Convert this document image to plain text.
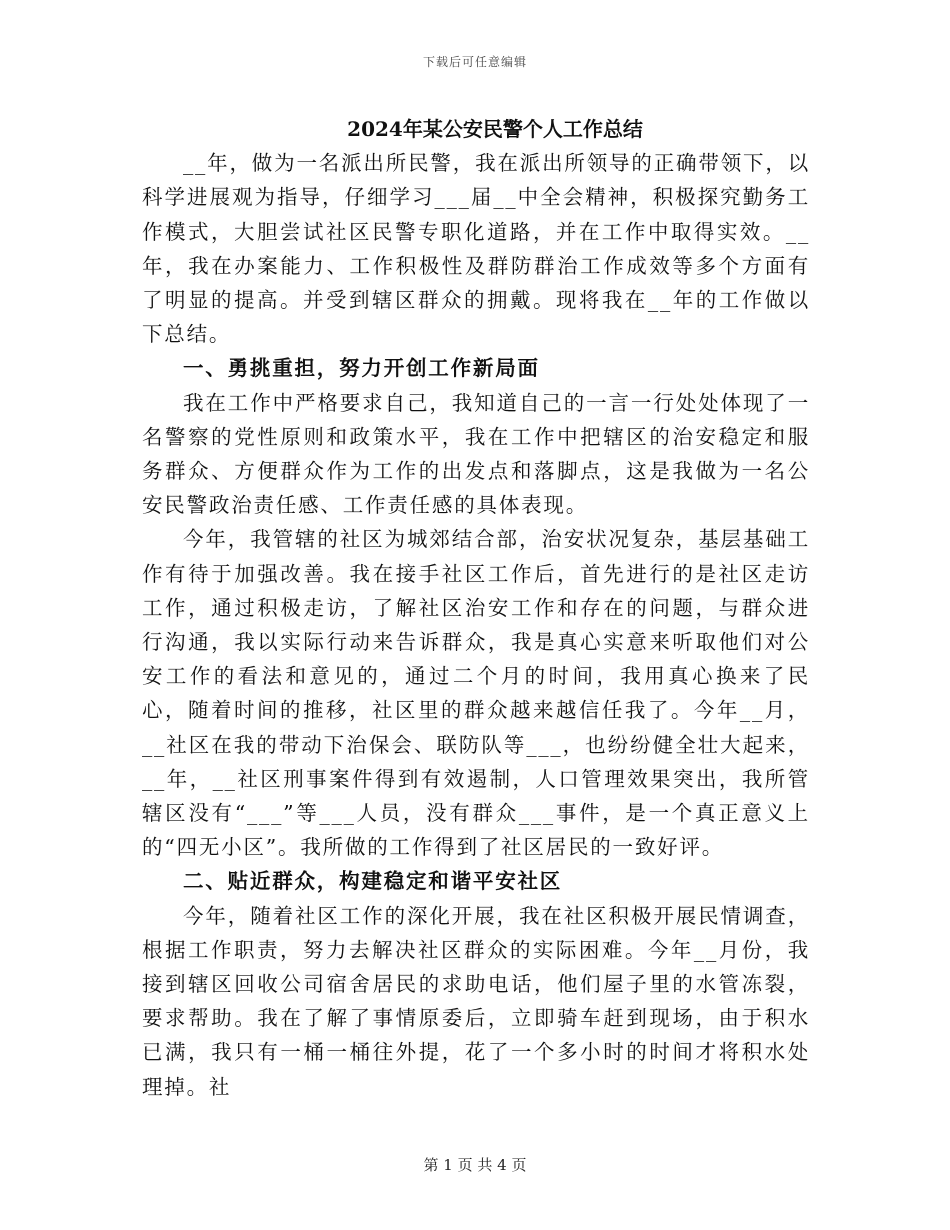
下载后可任意编辑
2024年某公安民警个人工作总结

__年，做为一名派出所民警，我在派出所领导的正确带领下，以科学进展观为指导，仔细学习___届__中全会精神，积极探究勤务工作模式，大胆尝试社区民警专职化道路，并在工作中取得实效。__年，我在办案能力、工作积极性及群防群治工作成效等多个方面有了明显的提高。并受到辖区群众的拥戴。现将我在__年的工作做以下总结。

一、勇挑重担，努力开创工作新局面

我在工作中严格要求自己，我知道自己的一言一行处处体现了一名警察的党性原则和政策水平，我在工作中把辖区的治安稳定和服务群众、方便群众作为工作的出发点和落脚点，这是我做为一名公安民警政治责任感、工作责任感的具体表现。

今年，我管辖的社区为城郊结合部，治安状况复杂，基层基础工作有待于加强改善。我在接手社区工作后，首先进行的是社区走访工作，通过积极走访，了解社区治安工作和存在的问题，与群众进行沟通，我以实际行动来告诉群众，我是真心实意来听取他们对公安工作的看法和意见的，通过二个月的时间，我用真心换来了民心，随着时间的推移，社区里的群众越来越信任我了。今年__月，__社区在我的带动下治保会、联防队等___，也纷纷健全壮大起来，__年，__社区刑事案件得到有效遏制，人口管理效果突出，我所管辖区没有“___”等___人员，没有群众___事件，是一个真正意义上的“四无小区”。我所做的工作得到了社区居民的一致好评。

二、贴近群众，构建稳定和谐平安社区

今年，随着社区工作的深化开展，我在社区积极开展民情调查，根据工作职责，努力去解决社区群众的实际困难。今年__月份，我接到辖区回收公司宿舍居民的求助电话，他们屋子里的水管冻裂，要求帮助。我在了解了事情原委后，立即骑车赶到现场，由于积水已满，我只有一桶一桶往外提，花了一个多小时的时间才将积水处理掉。社

第 1 页 共 4 页
